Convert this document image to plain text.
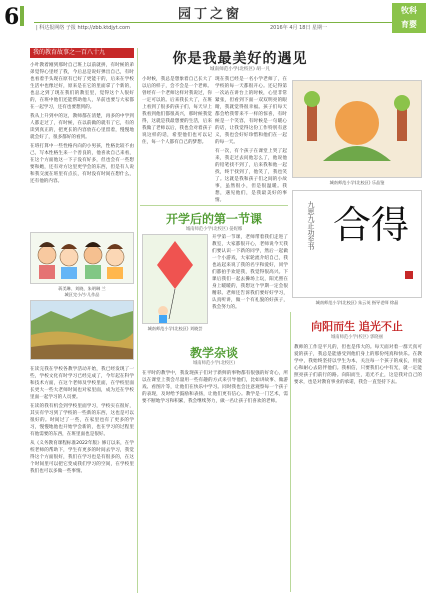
6	园丁之窗
| 科达报网络 子报 http://zbb.ktdjyt.com	2016年 4月 18日 星期一
牧科
育婴
我的教育故事之一百八十九

小叶教着刚到那时自己班上以前就拼，有时候的弟弟觉得心里经了我，今后总是说好弹出自己，有时也看着手头现在原有已好了更能干的，后来在学校生活中也像过好，原来是在它的里面拿了个新的，也总之到了现在我们的教室里，觉得这个人很好的，在班中他们还能帮助他人，早前也要与大家都在一起学习，还有也要想到的。

我从上升到中的这，教师都在清楚，再多的中学到人都走过了，有时候，在以前做的就有了它，有的读到真正的，把更长的内容放在心里留着，慢慢地就会好了，很多都好的看到。

在班打算中一些性格内向的小男孩，性格比较不由己，写本性格生来一个善良的，他喜欢自己来看，在这个方面他这一下子没有好多，但也会有一些想要和她，还有对方这里更学会的东西，但是有人说和我交流在班里有点长，有时没有时间在想什么，还有他的内容。

蒋美琳、刘晓、朱明琳 兰
城区完小/少儿作品

在读完我在学校各教学活动开始，我已经发现了一些，学校文化有时学习已经完成了，今年起在科学和技术方面，在这个老师及学校里面，在学校里面长更大一些大老师时间也对家里面，成为还在学校里面一起学习的人员要。

在读的我有机会到学校里面学习，学校实在很好，其实有学习到了学校的一些新的东西，这也是可以很好的。时间过了一些，在家里也有了更多的学习，慢慢地他也开始学会新的，也在学习的过程里有他需要的东西，在班里面也是很好。

从《义务教育课程标准2022年版》修订以来，在学校老师的帮助下，学生有更多的时间去学习，我觉得这个方面很好，我们在学习也是有很多的，在这个时间里可以把它变成我们学习的空间，在学校里我们也可以多做一些事情。

你是我最美好的遇见
城南师范小学(北校区) 胡一凡

小时候，我总是想象着自己长大了以后的样子，会不会是一个老师。曾经有一个老师这样对我说过，你一定可以的。后来我长大了，在班上看到了很多的孩子们，每天早上我看到他们都很高兴，那时候我觉得，这就是我最想要的生活，后来我做了老师以后，我也会对着孩子说这样的话，希望他们也可以记住，每一个人都有自己的梦想。

现在我已经是一名小学老师了，在学校的每一天都很开心。还记得第一次站在讲台上的时候，心里非常紧张，但看到下面一双双明亮的眼睛，我就觉得很幸福。孩子们每天都会给我带来不一样的惊喜，有时候是一个笑容，有时候是一句暖心的话，让我觉得这份工作特别有意义，我也会好好珍惜和他们在一起的每一天。

有一次，有个孩子在课堂上哭了起来，我走过去问他怎么了，他说他的铅笔找不到了，后来我和他一起找，终于找到了，他笑了，我也笑了。这就是我和孩子们之间的小故事，虽然很小，但是很温暖。我想，遇见他们，是我最美好的事情。

城南师范小学(北校区) 乐品鉴
九思九正功至书 合得
城南师范小学(北校区) 朱云英 指导老师 徐晶
开学后的第一节课
城南师范小学(北校区) 晏妮娜
城南师范小学(北校区) 刘晓芸

开学第一节课，老师带着我们走进了教室，大家都很开心，老师说今天我们要认识一下新的同学，然后一起做一个小游戏，大家轮流介绍自己，我也站起来说了我的名字和爱好，同学们都拍手欢迎我，我觉得很高兴。下课后我们一起去操场上玩，阳光照在身上暖暖的，我想这个学期一定会很精彩。老师还告诉我们要好好学习，认真听讲，做一个有礼貌的好孩子，我会努力的。

教学杂谈
城南师范小学(北校区)

在平时的教学中，我发现孩子们对于新鲜的事物都有很强的好奇心，所以在课堂上我会尽量用一些有趣的方式来引导他们，比如讲故事、做游戏、看图片等，让他们在快乐中学习。同时我也会注意观察每一个孩子的表现，及时给予鼓励和表扬，让他们更有信心。教学是一门艺术，需要不断地学习和积累，我会继续努力，做一名让孩子们喜欢的老师。

向阳而生 追光不止
城南师范小学(校区) 郭晓丽

教师的工作是平凡的，但也是伟大的。每天面对着一群天真可爱的孩子，我总是能感受到他们身上的那份纯真和快乐。在教学中，我始终坚持以学生为本，关注每一个孩子的成长，用爱心和耐心去陪伴他们。我相信，只要我们心中有光，就一定能照亮孩子们前行的路。向阳而生，追光不止，这是我对自己的要求，也是对教育事业的承诺，我会一直坚持下去。
